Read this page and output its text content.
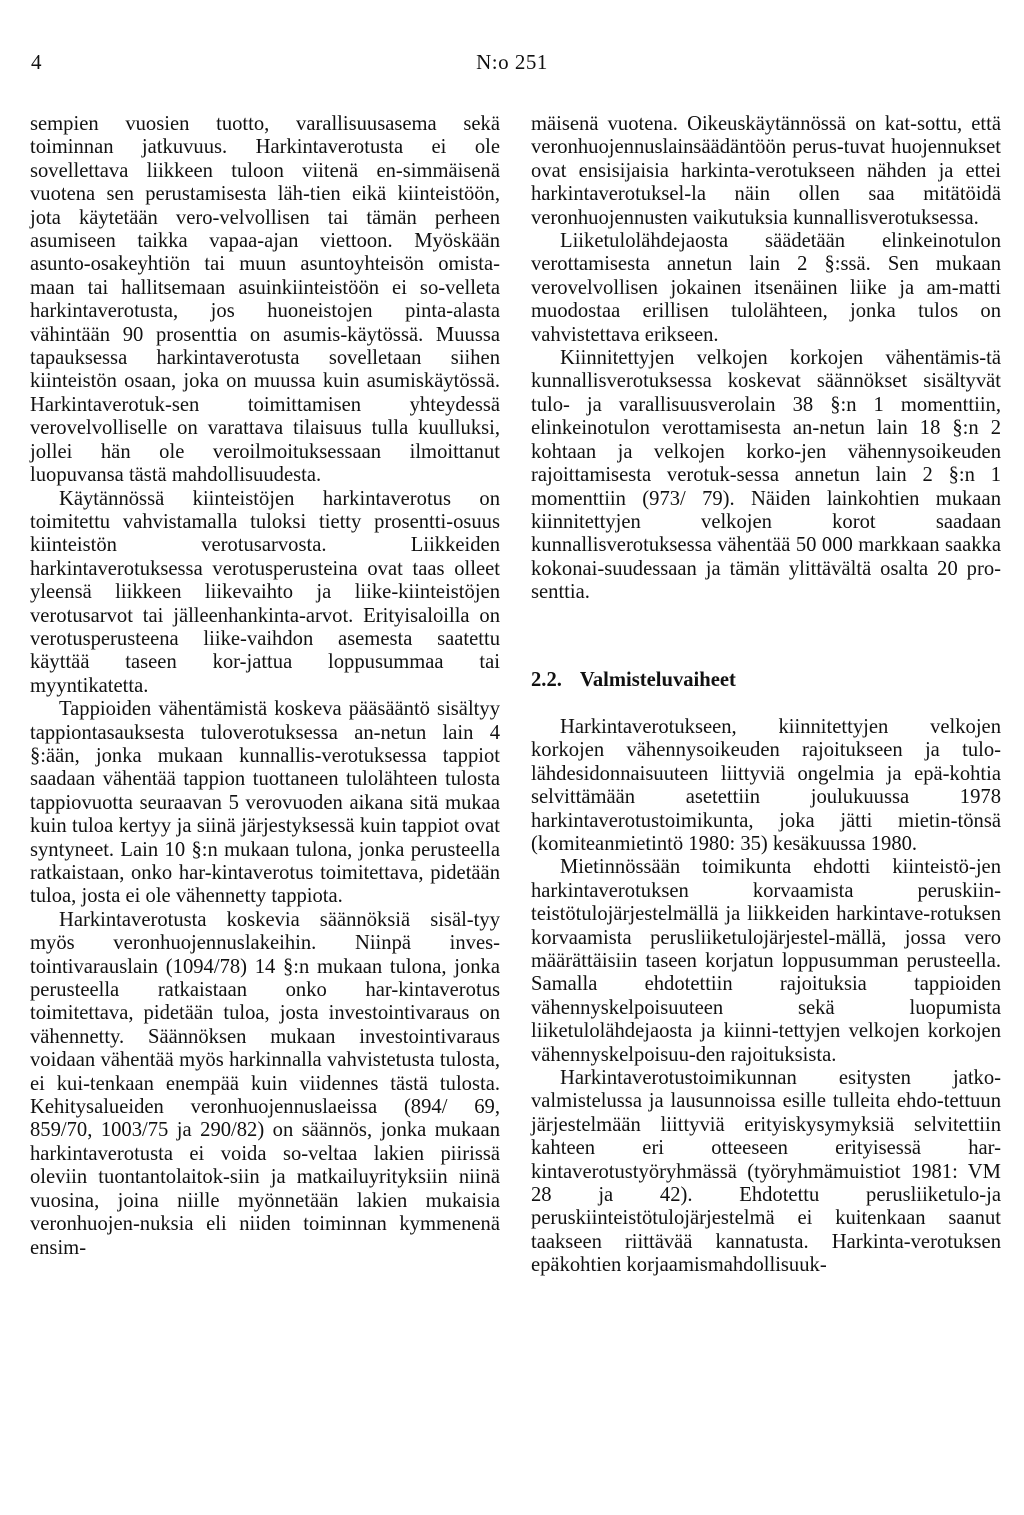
4	N:o 251

sempien vuosien tuotto, varallisuusasema sekä toiminnan jatkuvuus. Harkintaverotusta ei ole sovellettava liikkeen tuloon viitenä en-simmäisenä vuotena sen perustamisesta läh-tien eikä kiinteistöön, jota käytetään vero-velvollisen tai tämän perheen asumiseen taikka vapaa-ajan viettoon. Myöskään asunto-osakeyhtiön tai muun asuntoyhteisön omista-maan tai hallitsemaan asuinkiinteistöön ei so-velleta harkintaverotusta, jos huoneistojen pinta-alasta vähintään 90 prosenttia on asumis-käytössä. Muussa tapauksessa harkintaverotusta sovelletaan siihen kiinteistön osaan, joka on muussa kuin asumiskäytössä. Harkintaverotuk-sen toimittamisen yhteydessä verovelvolliselle on varattava tilaisuus tulla kuulluksi, jollei hän ole veroilmoituksessaan ilmoittanut luopuvansa tästä mahdollisuudesta.

Käytännössä kiinteistöjen harkintaverotus on toimitettu vahvistamalla tuloksi tietty prosentti-osuus kiinteistön verotusarvosta. Liikkeiden harkintaverotuksessa verotusperusteina ovat taas olleet yleensä liikkeen liikevaihto ja liike-kiinteistöjen verotusarvot tai jälleenhankinta-arvot. Erityisaloilla on verotusperusteena liike-vaihdon asemesta saatettu käyttää taseen kor-jattua loppusummaa tai myyntikatetta.

Tappioiden vähentämistä koskeva pääsääntö sisältyy tappiontasauksesta tuloverotuksessa an-netun lain 4 §:ään, jonka mukaan kunnallis-verotuksessa tappiot saadaan vähentää tappion tuottaneen tulolähteen tulosta tappiovuotta seuraavan 5 verovuoden aikana sitä mukaa kuin tuloa kertyy ja siinä järjestyksessä kuin tappiot ovat syntyneet. Lain 10 §:n mukaan tulona, jonka perusteella ratkaistaan, onko har-kintaverotus toimitettava, pidetään tuloa, josta ei ole vähennetty tappiota.

Harkintaverotusta koskevia säännöksiä sisäl-tyy myös veronhuojennuslakeihin. Niinpä inves-tointivarauslain (1094/78) 14 §:n mukaan tulona, jonka perusteella ratkaistaan onko har-kintaverotus toimitettava, pidetään tuloa, josta investointivaraus on vähennetty. Säännöksen mukaan investointivaraus voidaan vähentää myös harkinnalla vahvistetusta tulosta, ei kui-tenkaan enempää kuin viidennes tästä tulosta. Kehitysalueiden veronhuojennuslaeissa (894/ 69, 859/70, 1003/75 ja 290/82) on säännös, jonka mukaan harkintaverotusta ei voida so-veltaa lakien piirissä oleviin tuontantolaitok-siin ja matkailuyrityksiin niinä vuosina, joina niille myönnetään lakien mukaisia veronhuojen-nuksia eli niiden toiminnan kymmenenä ensim-

mäisenä vuotena. Oikeuskäytännössä on kat-sottu, että veronhuojennuslainsäädäntöön perus-tuvat huojennukset ovat ensisijaisia harkinta-verotukseen nähden ja ettei harkintaverotuksel-la näin ollen saa mitätöidä veronhuojennusten vaikutuksia kunnallisverotuksessa.

Liiketulolähdejaosta säädetään elinkeinotulon verottamisesta annetun lain 2 §:ssä. Sen mukaan verovelvollisen jokainen itsenäinen liike ja am-matti muodostaa erillisen tulolähteen, jonka tulos on vahvistettava erikseen.

Kiinnitettyjen velkojen korkojen vähentämis-tä kunnallisverotuksessa koskevat säännökset sisältyvät tulo- ja varallisuusverolain 38 §:n 1 momenttiin, elinkeinotulon verottamisesta an-netun lain 18 §:n 2 kohtaan ja velkojen korko-jen vähennysoikeuden rajoittamisesta verotuk-sessa annetun lain 2 §:n 1 momenttiin (973/ 79). Näiden lainkohtien mukaan kiinnitettyjen velkojen korot saadaan kunnallisverotuksessa vähentää 50 000 markkaan saakka kokonai-suudessaan ja tämän ylittävältä osalta 20 pro-senttia.

2.2. Valmisteluvaiheet

Harkintaverotukseen, kiinnitettyjen velkojen korkojen vähennysoikeuden rajoitukseen ja tulo-lähdesidonnaisuuteen liittyviä ongelmia ja epä-kohtia selvittämään asetettiin joulukuussa 1978 harkintaverotustoimikunta, joka jätti mietin-tönsä (komiteanmietintö 1980: 35) kesäkuussa 1980.

Mietinnössään toimikunta ehdotti kiinteistö-jen harkintaverotuksen korvaamista peruskiin-teistötulojärjestelmällä ja liikkeiden harkintave-rotuksen korvaamista perusliiketulojärjestel-mällä, jossa vero määrättäisiin taseen korjatun loppusumman perusteella. Samalla ehdotettiin rajoituksia tappioiden vähennyskelpoisuuteen sekä luopumista liiketulolähdejaosta ja kiinni-tettyjen velkojen korkojen vähennyskelpoisuu-den rajoituksista.

Harkintaverotustoimikunnan esitysten jatko-valmistelussa ja lausunnoissa esille tulleita ehdo-tettuun järjestelmään liittyviä erityiskysymyksiä selvitettiin kahteen eri otteeseen erityisessä har-kintaverotustyöryhmässä (työryhmämuistiot 1981: VM 28 ja 42). Ehdotettu perusliiketulo-ja peruskiinteistötulojärjestelmä ei kuitenkaan saanut taakseen riittävää kannatusta. Harkinta-verotuksen epäkohtien korjaamismahdollisuuk-
